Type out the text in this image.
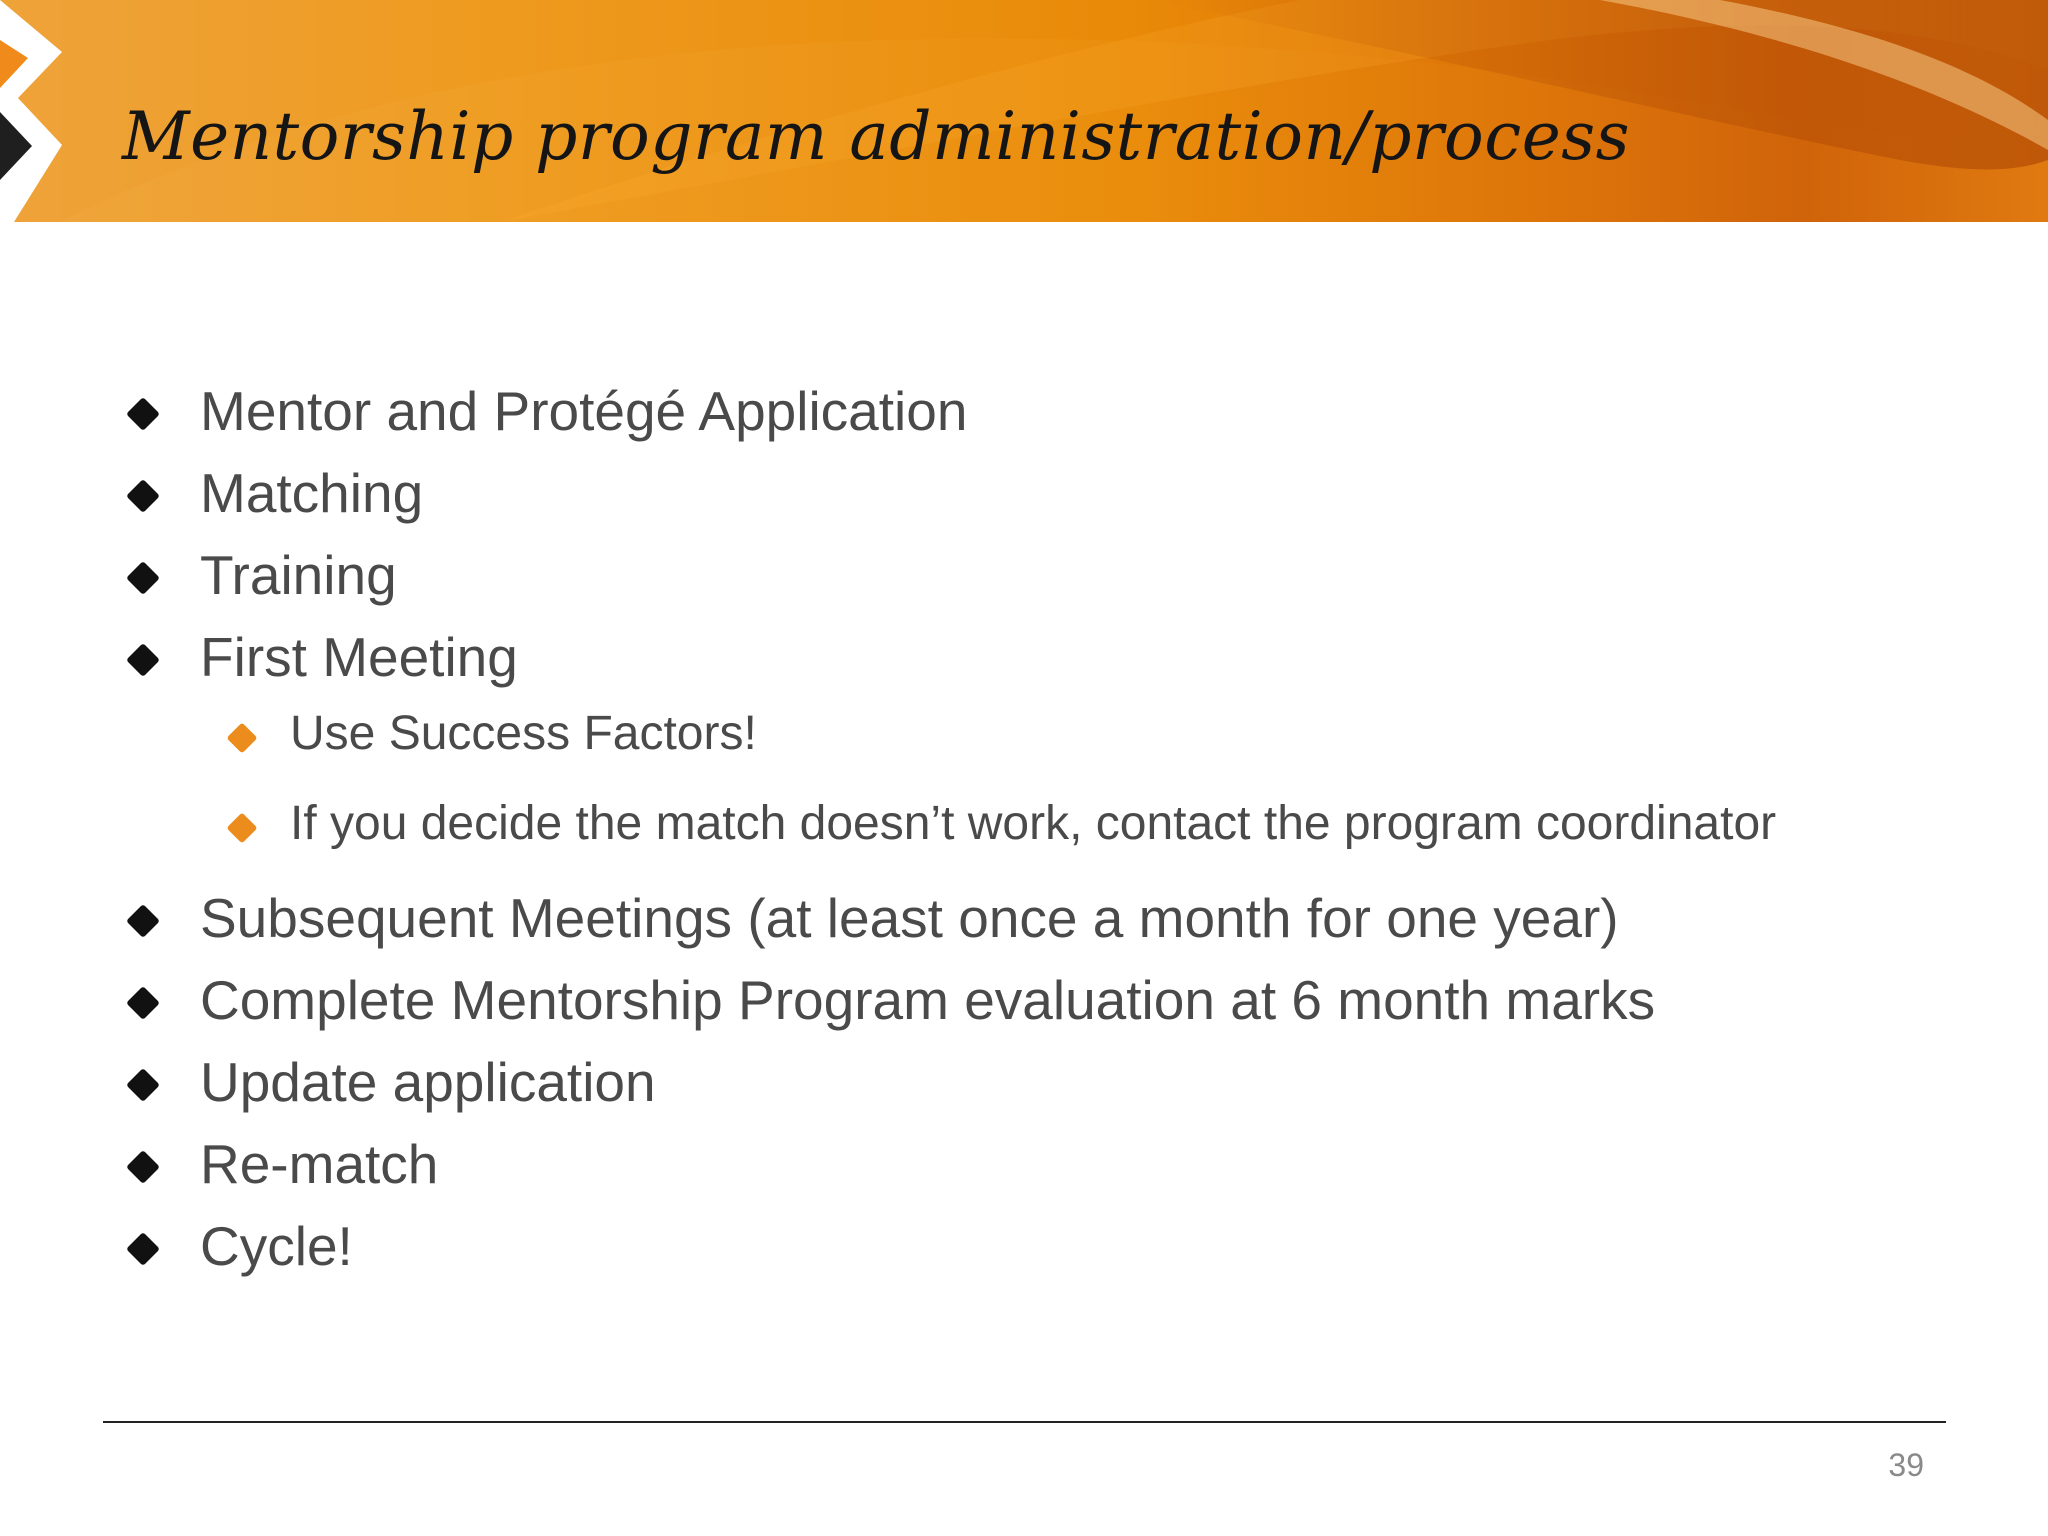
Mentorship program administration/process
Mentor and Protégé Application
Matching
Training
First Meeting
Use Success Factors!
If you decide the match doesn’t work, contact the program coordinator
Subsequent Meetings (at least once a month for one year)
Complete Mentorship Program evaluation at 6 month marks
Update application
Re-match
Cycle!
39
